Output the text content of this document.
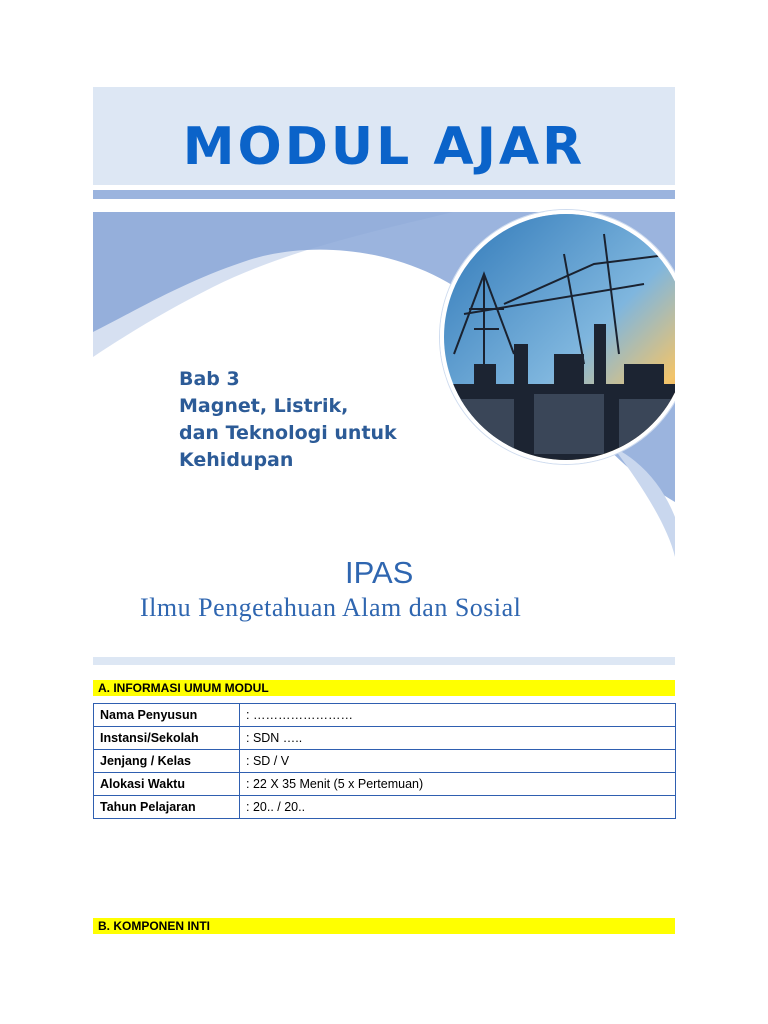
MODUL AJAR
Bab 3
Magnet, Listrik,
dan Teknologi untuk
Kehidupan
IPAS
Ilmu Pengetahuan Alam dan Sosial
A. INFORMASI UMUM MODUL
Nama Penyusun	: ……………………
Instansi/Sekolah	: SDN …..
Jenjang / Kelas	: SD / V
Alokasi Waktu	: 22 X 35 Menit (5 x Pertemuan)
Tahun Pelajaran	: 20.. / 20..
B. KOMPONEN INTI
